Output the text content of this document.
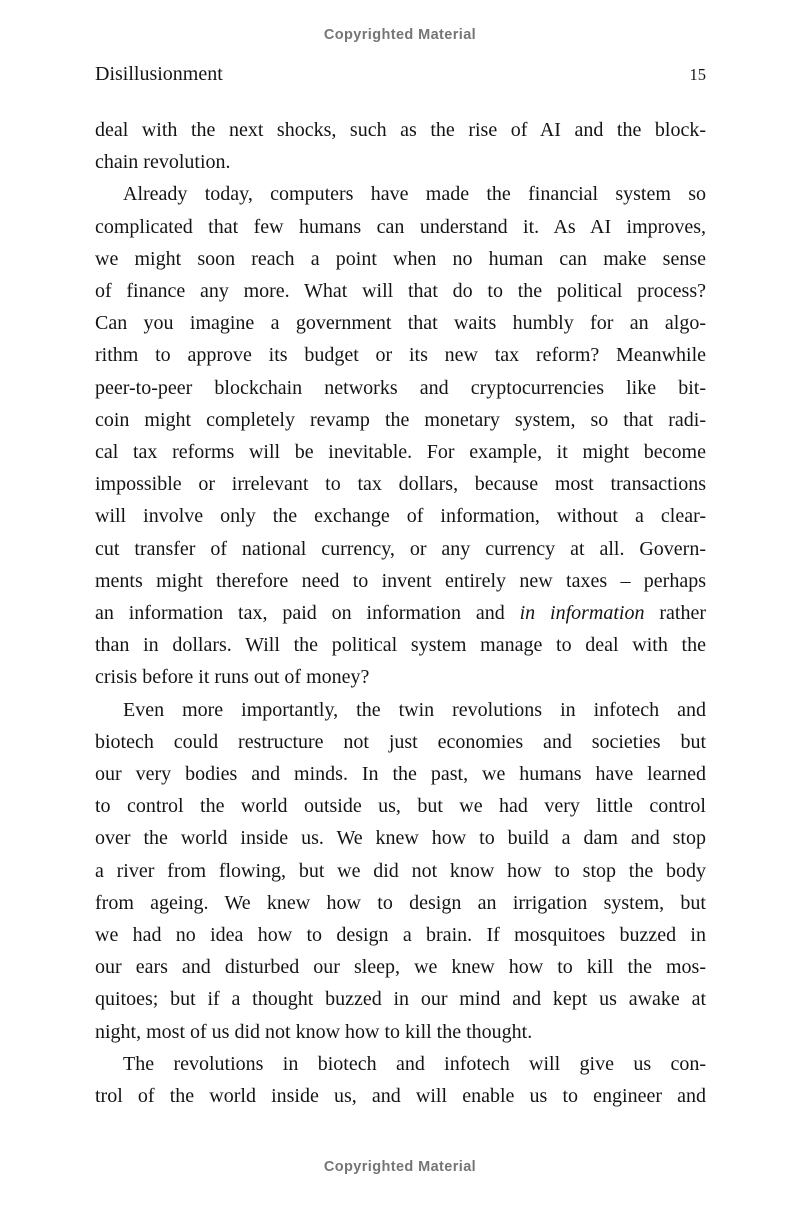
Copyrighted Material
Disillusionment	15
deal with the next shocks, such as the rise of AI and the block-
chain revolution.
Already today, computers have made the financial system so
complicated that few humans can understand it. As AI improves,
we might soon reach a point when no human can make sense
of finance any more. What will that do to the political process?
Can you imagine a government that waits humbly for an algo-
rithm to approve its budget or its new tax reform? Meanwhile
peer-to-peer blockchain networks and cryptocurrencies like bit-
coin might completely revamp the monetary system, so that radi-
cal tax reforms will be inevitable. For example, it might become
impossible or irrelevant to tax dollars, because most transactions
will involve only the exchange of information, without a clear-
cut transfer of national currency, or any currency at all. Govern-
ments might therefore need to invent entirely new taxes – perhaps
an information tax, paid on information and in information rather
than in dollars. Will the political system manage to deal with the
crisis before it runs out of money?
Even more importantly, the twin revolutions in infotech and
biotech could restructure not just economies and societies but
our very bodies and minds. In the past, we humans have learned
to control the world outside us, but we had very little control
over the world inside us. We knew how to build a dam and stop
a river from flowing, but we did not know how to stop the body
from ageing. We knew how to design an irrigation system, but
we had no idea how to design a brain. If mosquitoes buzzed in
our ears and disturbed our sleep, we knew how to kill the mos-
quitoes; but if a thought buzzed in our mind and kept us awake at
night, most of us did not know how to kill the thought.
The revolutions in biotech and infotech will give us con-
trol of the world inside us, and will enable us to engineer and
Copyrighted Material
